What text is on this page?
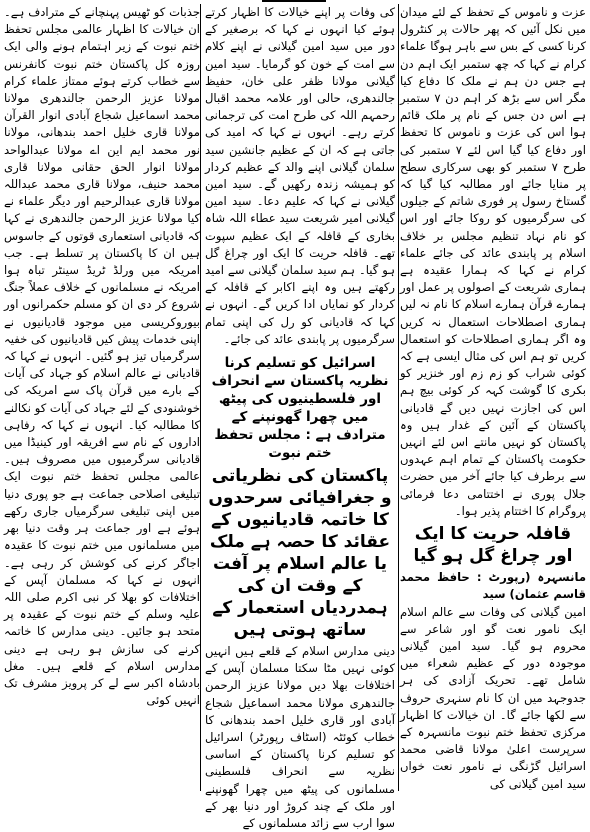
عزت و ناموس کے تحفظ کے لئے میدان میں نکل آئیں کہ پھر حالات پر کنٹرول کرنا کسی کے بس سے باہر ہوگا علماء کرام نے کہا کہ چھ ستمبر ایک اہم دن ہے جس دن ہم نے ملک کا دفاع کیا مگر اس سے بڑھ کر اہم دن ۷ ستمبر ہے اس دن جس کے نام پر ملک قائم ہوا اس کی عزت و ناموس کا تحفظ اور دفاع کیا گیا اس لئے ۷ ستمبر کی طرح ۷ ستمبر کو بھی سرکاری سطح پر منایا جائے اور مطالبہ کیا گیا کہ گستاخ رسول پر فوری شاتم کے جیلوں کی سرگرمیوں کو روکا جائے اور اس کو نام نہاد تنظیم مجلس بر خلاف اسلام پر پابندی عائد کی جائے علماء کرام نے کہا کہ ہمارا عقیدہ ہے ہماری شریعت کے اصولوں پر عمل اور ہمارے قرآن ہمارے اسلام کا نام نہ لیں ہماری اصطلاحات استعمال نہ کریں وہ اگر ہماری اصطلاحات کو استعمال کریں تو ہم اس کی مثال ایسی ہے کہ کوئی شراب کو زم زم اور خنزیر کو بکری کا گوشت کہہ کر کوئی بیچ ہم اس کی اجازت نہیں دیں گے قادیانی پاکستان کے آئین کے غدار ہیں وہ پاکستان کو نہیں مانتے اس لئے انہیں حکومت پاکستان کے تمام اہم عہدوں سے برطرف کیا جائے آخر میں حضرت جلال پوری نے اختتامی دعا فرمائی پروگرام کا اختتام پذیر ہوا۔

قافلہ حریت کا ایک اور چراغ گل ہو گیا

مانسہرہ (رپورٹ : حافظ محمد قاسم عثمان) سید

امین گیلانی کی وفات سے عالم اسلام ایک نامور نعت گو اور شاعر سے محروم ہو گیا۔ سید امین گیلانی موجودہ دور کے عظیم شعراء میں شامل تھے۔ تحریک آزادی کی ہر جدوجہد میں ان کا نام سنہری حروف سے لکھا جائے گا۔ ان خیالات کا اظہار مرکزی تحفظ ختم نبوت مانسہرہ کے سرپرست اعلیٰ مولانا قاضی محمد اسرائیل گڑنگی نے نامور نعت خواں سید امین گیلانی کی

کی وفات پر اپنے خیالات کا اظہار کرتے ہوئے کیا انہوں نے کہا کہ برصغیر کے دور میں سید امین گیلانی نے اپنے کلام سے امت کے خون کو گرمایا۔ سید امین گیلانی مولانا ظفر علی خان، حفیظ جالندھری، حالی اور علامہ محمد اقبال رحمہم اللہ کی طرح امت کی ترجمانی کرتے رہے۔ انہوں نے کہا کہ امید کی جاتی ہے کہ ان کے عظیم جانشین سید سلمان گیلانی اپنے والد کے عظیم کردار کو ہمیشہ زندہ رکھیں گے۔ سید امین گیلانی نے کہا کہ علیم دعا۔ سید امین گیلانی امیر شریعت سید عطاء اللہ شاہ بخاری کے قافلہ کے ایک عظیم سپوت تھے۔ قافلہ حریت کا ایک اور چراغ گل ہو گیا۔ ہم سید سلمان گیلانی سے امید رکھتے ہیں وہ اپنے اکابر کے قافلہ کے کردار کو نمایاں ادا کریں گے۔ انہوں نے کہا کہ قادیانی کو رل کی اپنی تمام سرگرمیوں پر پابندی عائد کی جائے۔

اسرائیل کو تسلیم کرنا نظریہ پاکستان سے انحراف اور فلسطینیوں کی پیٹھ میں چھرا گھونپنے کے مترادف ہے : مجلس تحفظ ختم نبوت

پاکستان کی نظریاتی و جغرافیائی سرحدوں کا خاتمہ قادیانیوں کے عقائد کا حصہ ہے ملک یا عالم اسلام پر آفت کے وقت ان کی ہمدردیاں استعمار کے ساتھ ہوتی ہیں

دینی مدارس اسلام کے قلعے ہیں انہیں کوئی نہیں مٹا سکتا مسلمان آپس کے اختلافات بھلا دیں مولانا عزیز الرحمن جالندھری مولانا محمد اسماعیل شجاع آبادی اور قاری خلیل احمد بندھانی کا خطاب کوئٹہ (اسٹاف رپورٹر) اسرائیل کو تسلیم کرنا پاکستان کے اساسی نظریہ سے انحراف فلسطینی مسلمانوں کی پیٹھ میں چھرا گھونپنے اور ملک کے چند کروڑ اور دنیا بھر کے سوا ارب سے زائد مسلمانوں کے

جذبات کو ٹھیس پہنچانے کے مترادف ہے۔ ان خیالات کا اظہار عالمی مجلس تحفظ ختم نبوت کے زیر اہتمام ہونے والی ایک روزہ کل پاکستان ختم نبوت کانفرنس سے خطاب کرتے ہوئے ممتاز علماء کرام مولانا عزیز الرحمن جالندھری مولانا محمد اسماعیل شجاع آبادی انوار القرآن مولانا قاری خلیل احمد بندھانی، مولانا نور محمد ایم این اے مولانا عبدالواحد مولانا انوار الحق حقانی مولانا قاری محمد حنیف، مولانا قاری محمد عبداللہ مولانا قاری عبدالرحیم اور دیگر علماء نے کیا مولانا عزیز الرحمن جالندھری نے کہا کہ قادیانی استعماری قوتوں کے جاسوس ہیں ان کا پاکستان پر تسلط ہے۔ جب امریکہ میں ورلڈ ٹریڈ سینٹر تباہ ہوا امریکہ نے مسلمانوں کے خلاف عملاً جنگ شروع کر دی ان کو مسلم حکمرانوں اور بیوروکریسی میں موجود قادیانیوں نے اپنی خدمات پیش کیں قادیانیوں کی خفیہ سرگرمیاں تیز ہو گئیں۔ انہوں نے کہا کہ قادیانی نے عالم اسلام کو جہاد کی آیات کے بارے میں قرآن پاک سے امریکہ کی خوشنودی کے لئے جہاد کی آیات کو نکالنے کا مطالبہ کیا۔ انہوں نے کہا کہ رفاہی اداروں کے نام سے افریقہ اور کینیڈا میں قادیانی سرگرمیوں میں مصروف ہیں۔ عالمی مجلس تحفظ ختم نبوت ایک تبلیغی اصلاحی جماعت ہے جو پوری دنیا میں اپنی تبلیغی سرگرمیاں جاری رکھے ہوئے ہے اور جماعت ہر وقت دنیا بھر میں مسلمانوں میں ختم نبوت کا عقیدہ اجاگر کرنے کی کوشش کر رہی ہے۔ انہوں نے کہا کہ مسلمان آپس کے اختلافات کو بھلا کر نبی اکرم صلی اللہ علیہ وسلم کے ختم نبوت کے عقیدہ پر متحد ہو جائیں۔ دینی مدارس کا خاتمہ کرنے کی سازش ہو رہی ہے دینی مدارس اسلام کے قلعے ہیں۔ مغل بادشاہ اکبر سے لے کر پرویز مشرف تک انہیں کوئی
